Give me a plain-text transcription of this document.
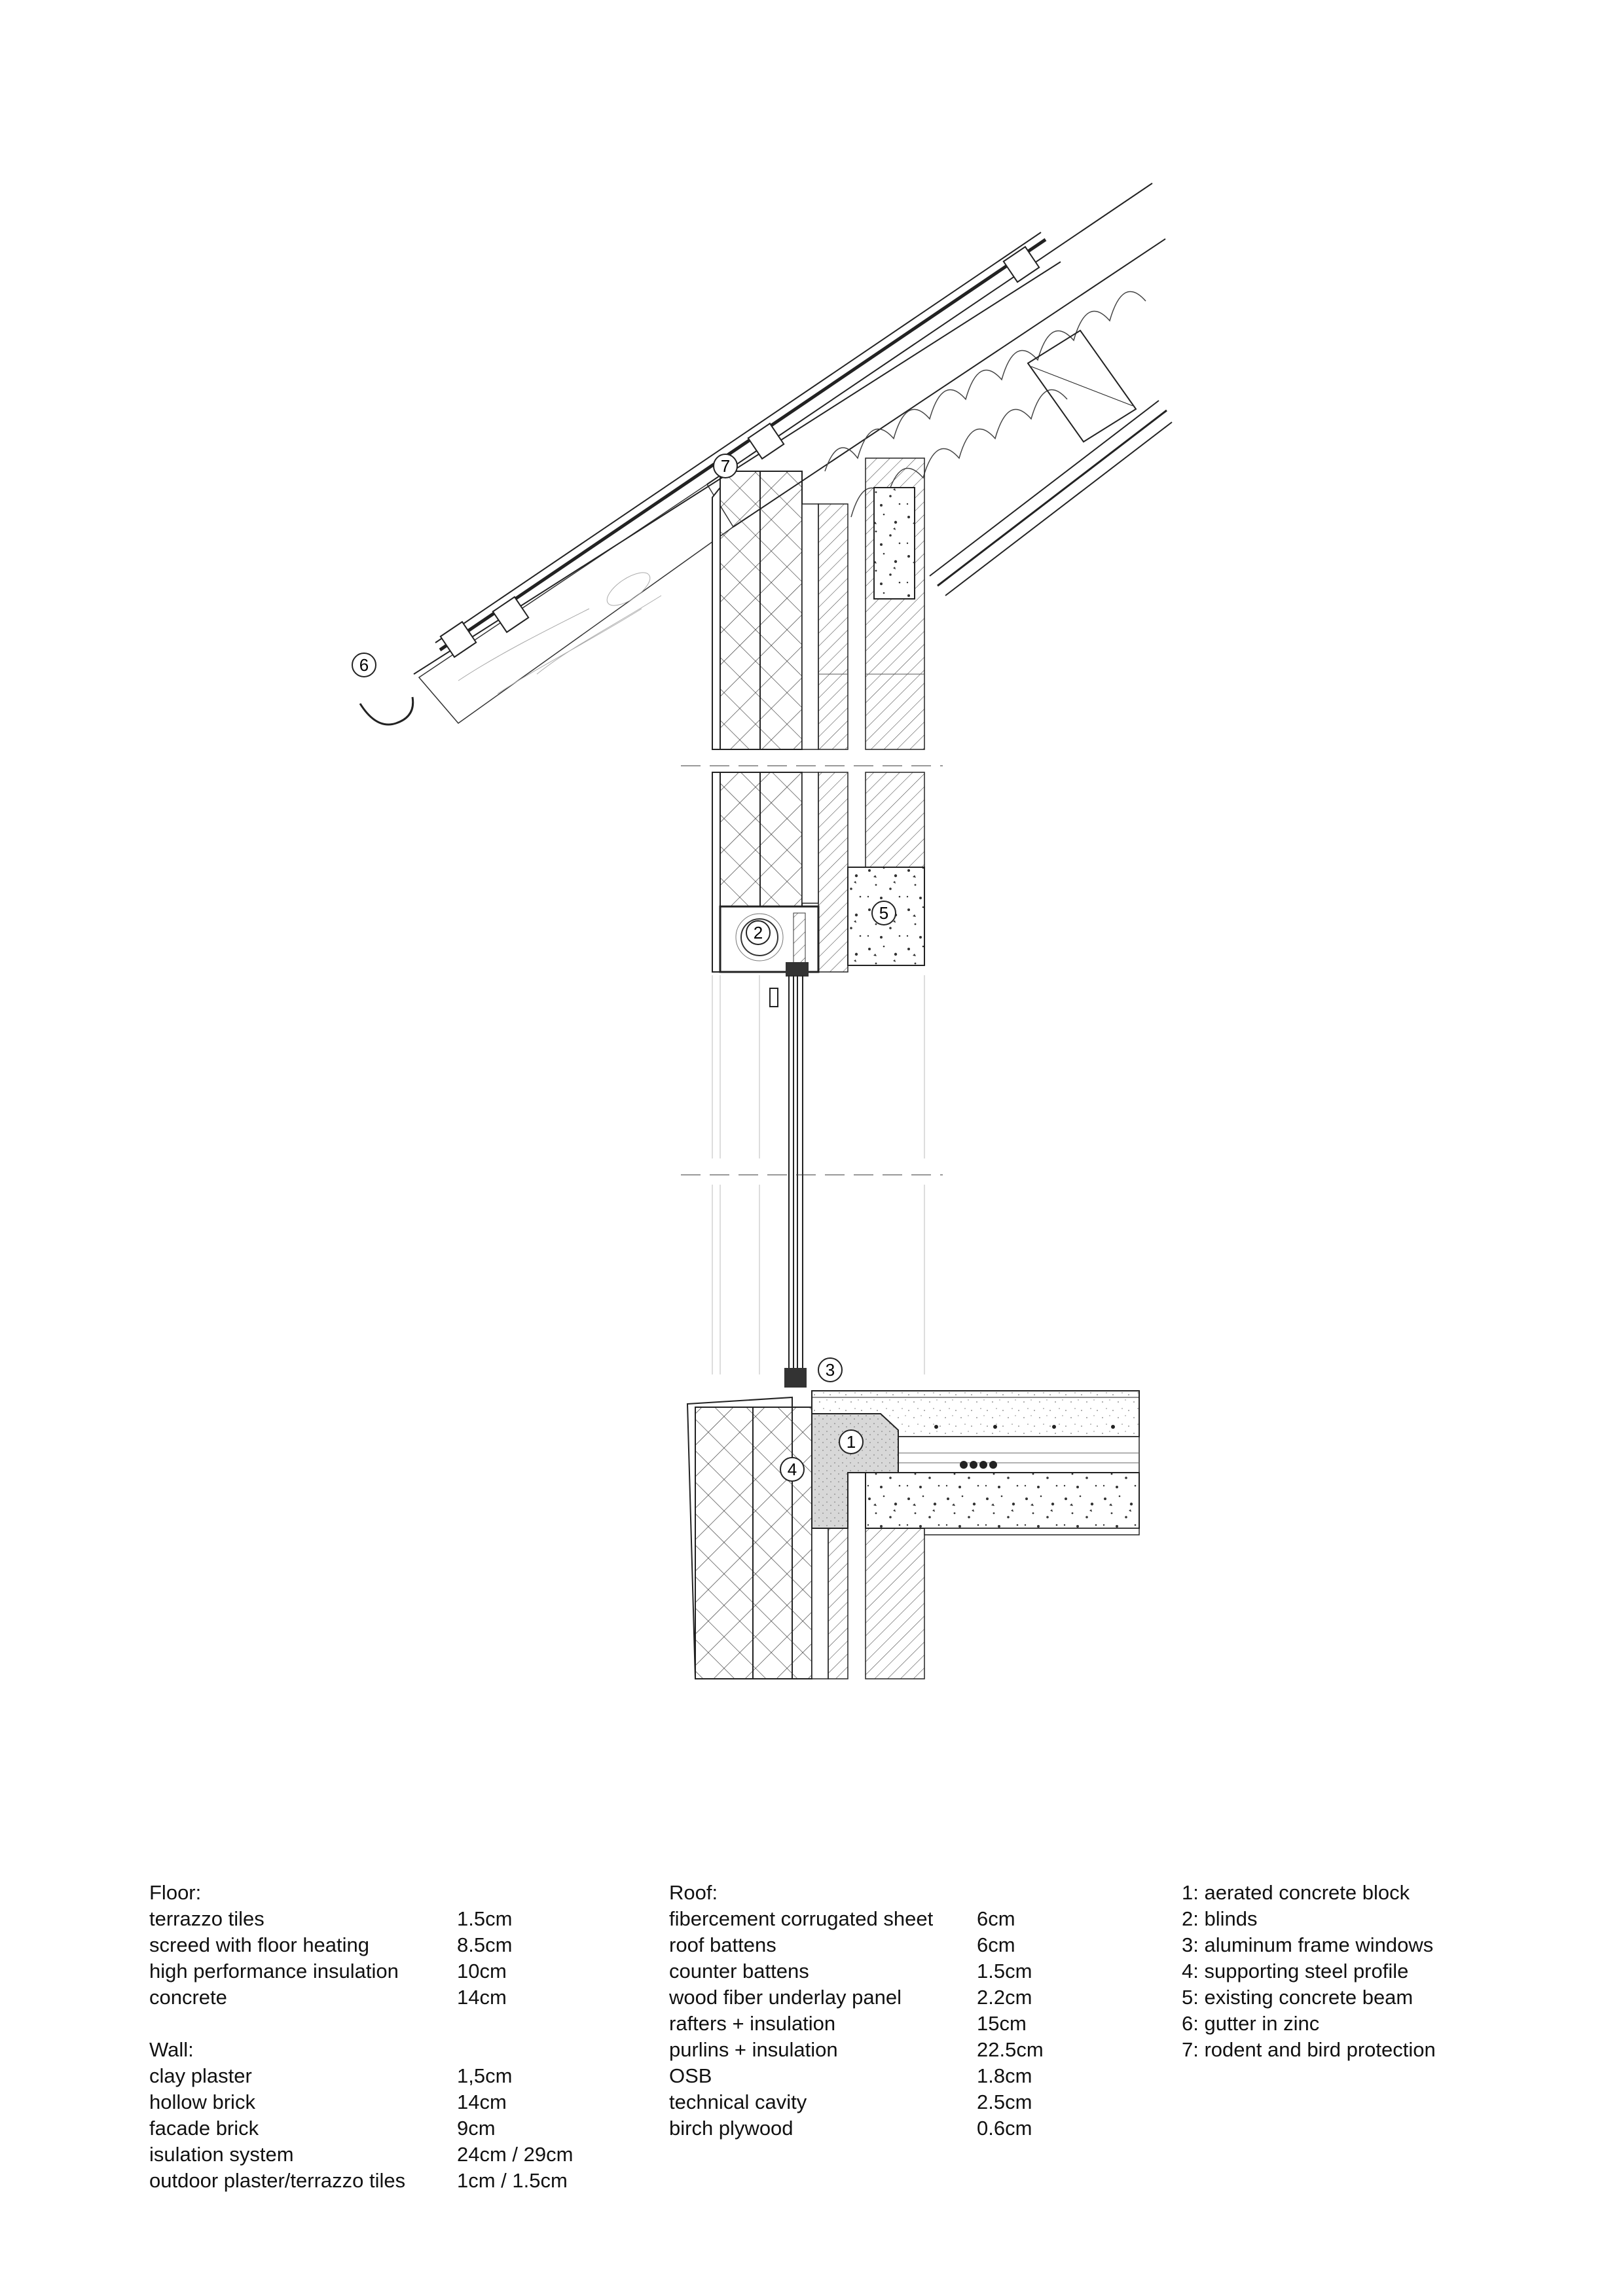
1
2
3
4
5
6
7
Floor:
terrazzo tiles	1.5cm
screed with floor heating	8.5cm
high performance insulation	10cm
concrete	14cm
Wall:
clay plaster	1,5cm
hollow brick	14cm
facade brick	9cm
isulation system	24cm / 29cm
outdoor plaster/terrazzo tiles	1cm / 1.5cm
Roof:
fibercement corrugated sheet	6cm
roof battens	6cm
counter battens	1.5cm
wood fiber underlay panel	2.2cm
rafters + insulation	15cm
purlins + insulation	22.5cm
OSB	1.8cm
technical cavity	2.5cm
birch plywood	0.6cm
1: aerated concrete block
2: blinds
3: aluminum frame windows
4: supporting steel profile
5: existing concrete beam
6: gutter in zinc
7: rodent and bird protection
